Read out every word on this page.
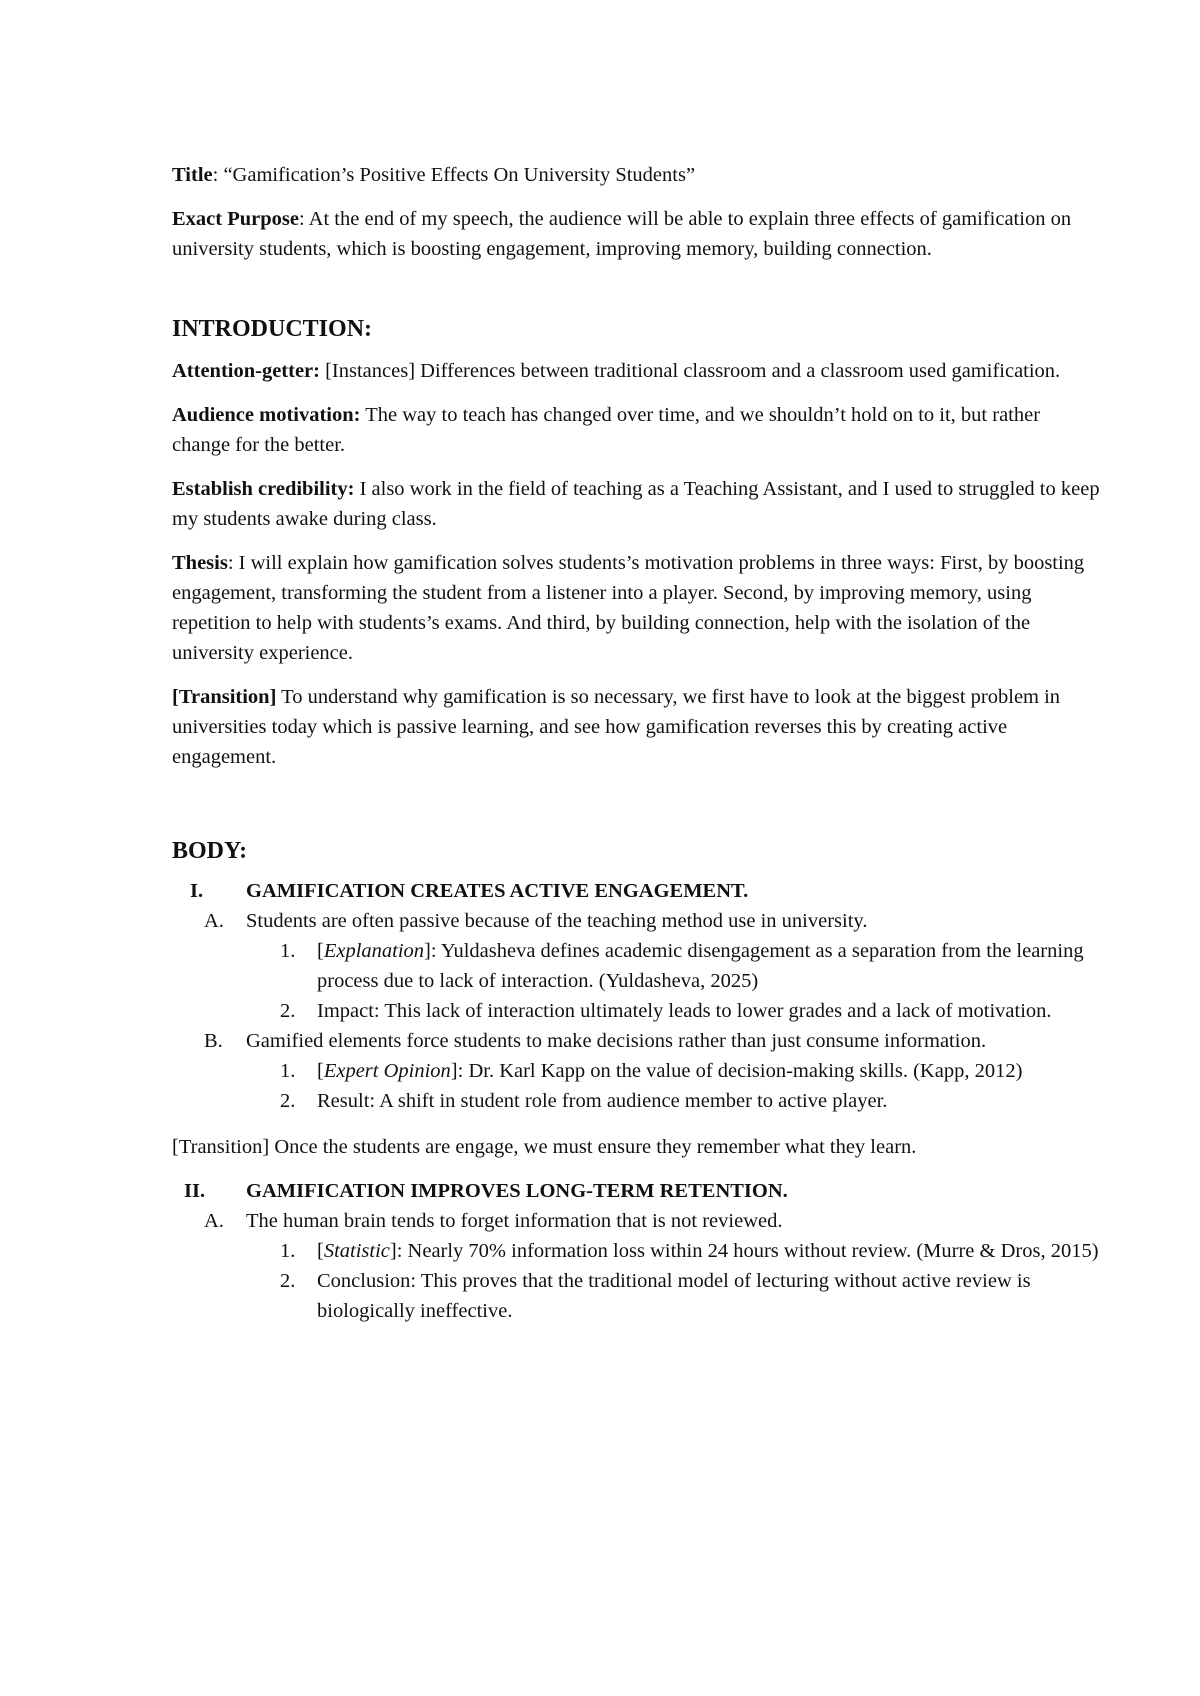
Title: “Gamification’s Positive Effects On University Students”

Exact Purpose: At the end of my speech, the audience will be able to explain three effects of gamification on university students, which is boosting engagement, improving memory, building connection.

INTRODUCTION:

Attention-getter: [Instances] Differences between traditional classroom and a classroom used gamification.

Audience motivation: The way to teach has changed over time, and we shouldn’t hold on to it, but rather change for the better.

Establish credibility: I also work in the field of teaching as a Teaching Assistant, and I used to struggled to keep my students awake during class.

Thesis: I will explain how gamification solves students’s motivation problems in three ways: First, by boosting engagement, transforming the student from a listener into a player. Second, by improving memory, using repetition to help with students’s exams. And third, by building connection, help with the isolation of the university experience.

[Transition] To understand why gamification is so necessary, we first have to look at the biggest problem in universities today which is passive learning, and see how gamification reverses this by creating active engagement.

BODY:
I. GAMIFICATION CREATES ACTIVE ENGAGEMENT.
A. Students are often passive because of the teaching method use in university.
1. [Explanation]: Yuldasheva defines academic disengagement as a separation from the learning process due to lack of interaction. (Yuldasheva, 2025)
2. Impact: This lack of interaction ultimately leads to lower grades and a lack of motivation.
B. Gamified elements force students to make decisions rather than just consume information.
1. [Expert Opinion]: Dr. Karl Kapp on the value of decision-making skills. (Kapp, 2012)
2. Result: A shift in student role from audience member to active player.

[Transition] Once the students are engage, we must ensure they remember what they learn.

II. GAMIFICATION IMPROVES LONG-TERM RETENTION.
A. The human brain tends to forget information that is not reviewed.
1. [Statistic]: Nearly 70% information loss within 24 hours without review. (Murre & Dros, 2015)
2. Conclusion: This proves that the traditional model of lecturing without active review is biologically ineffective.
